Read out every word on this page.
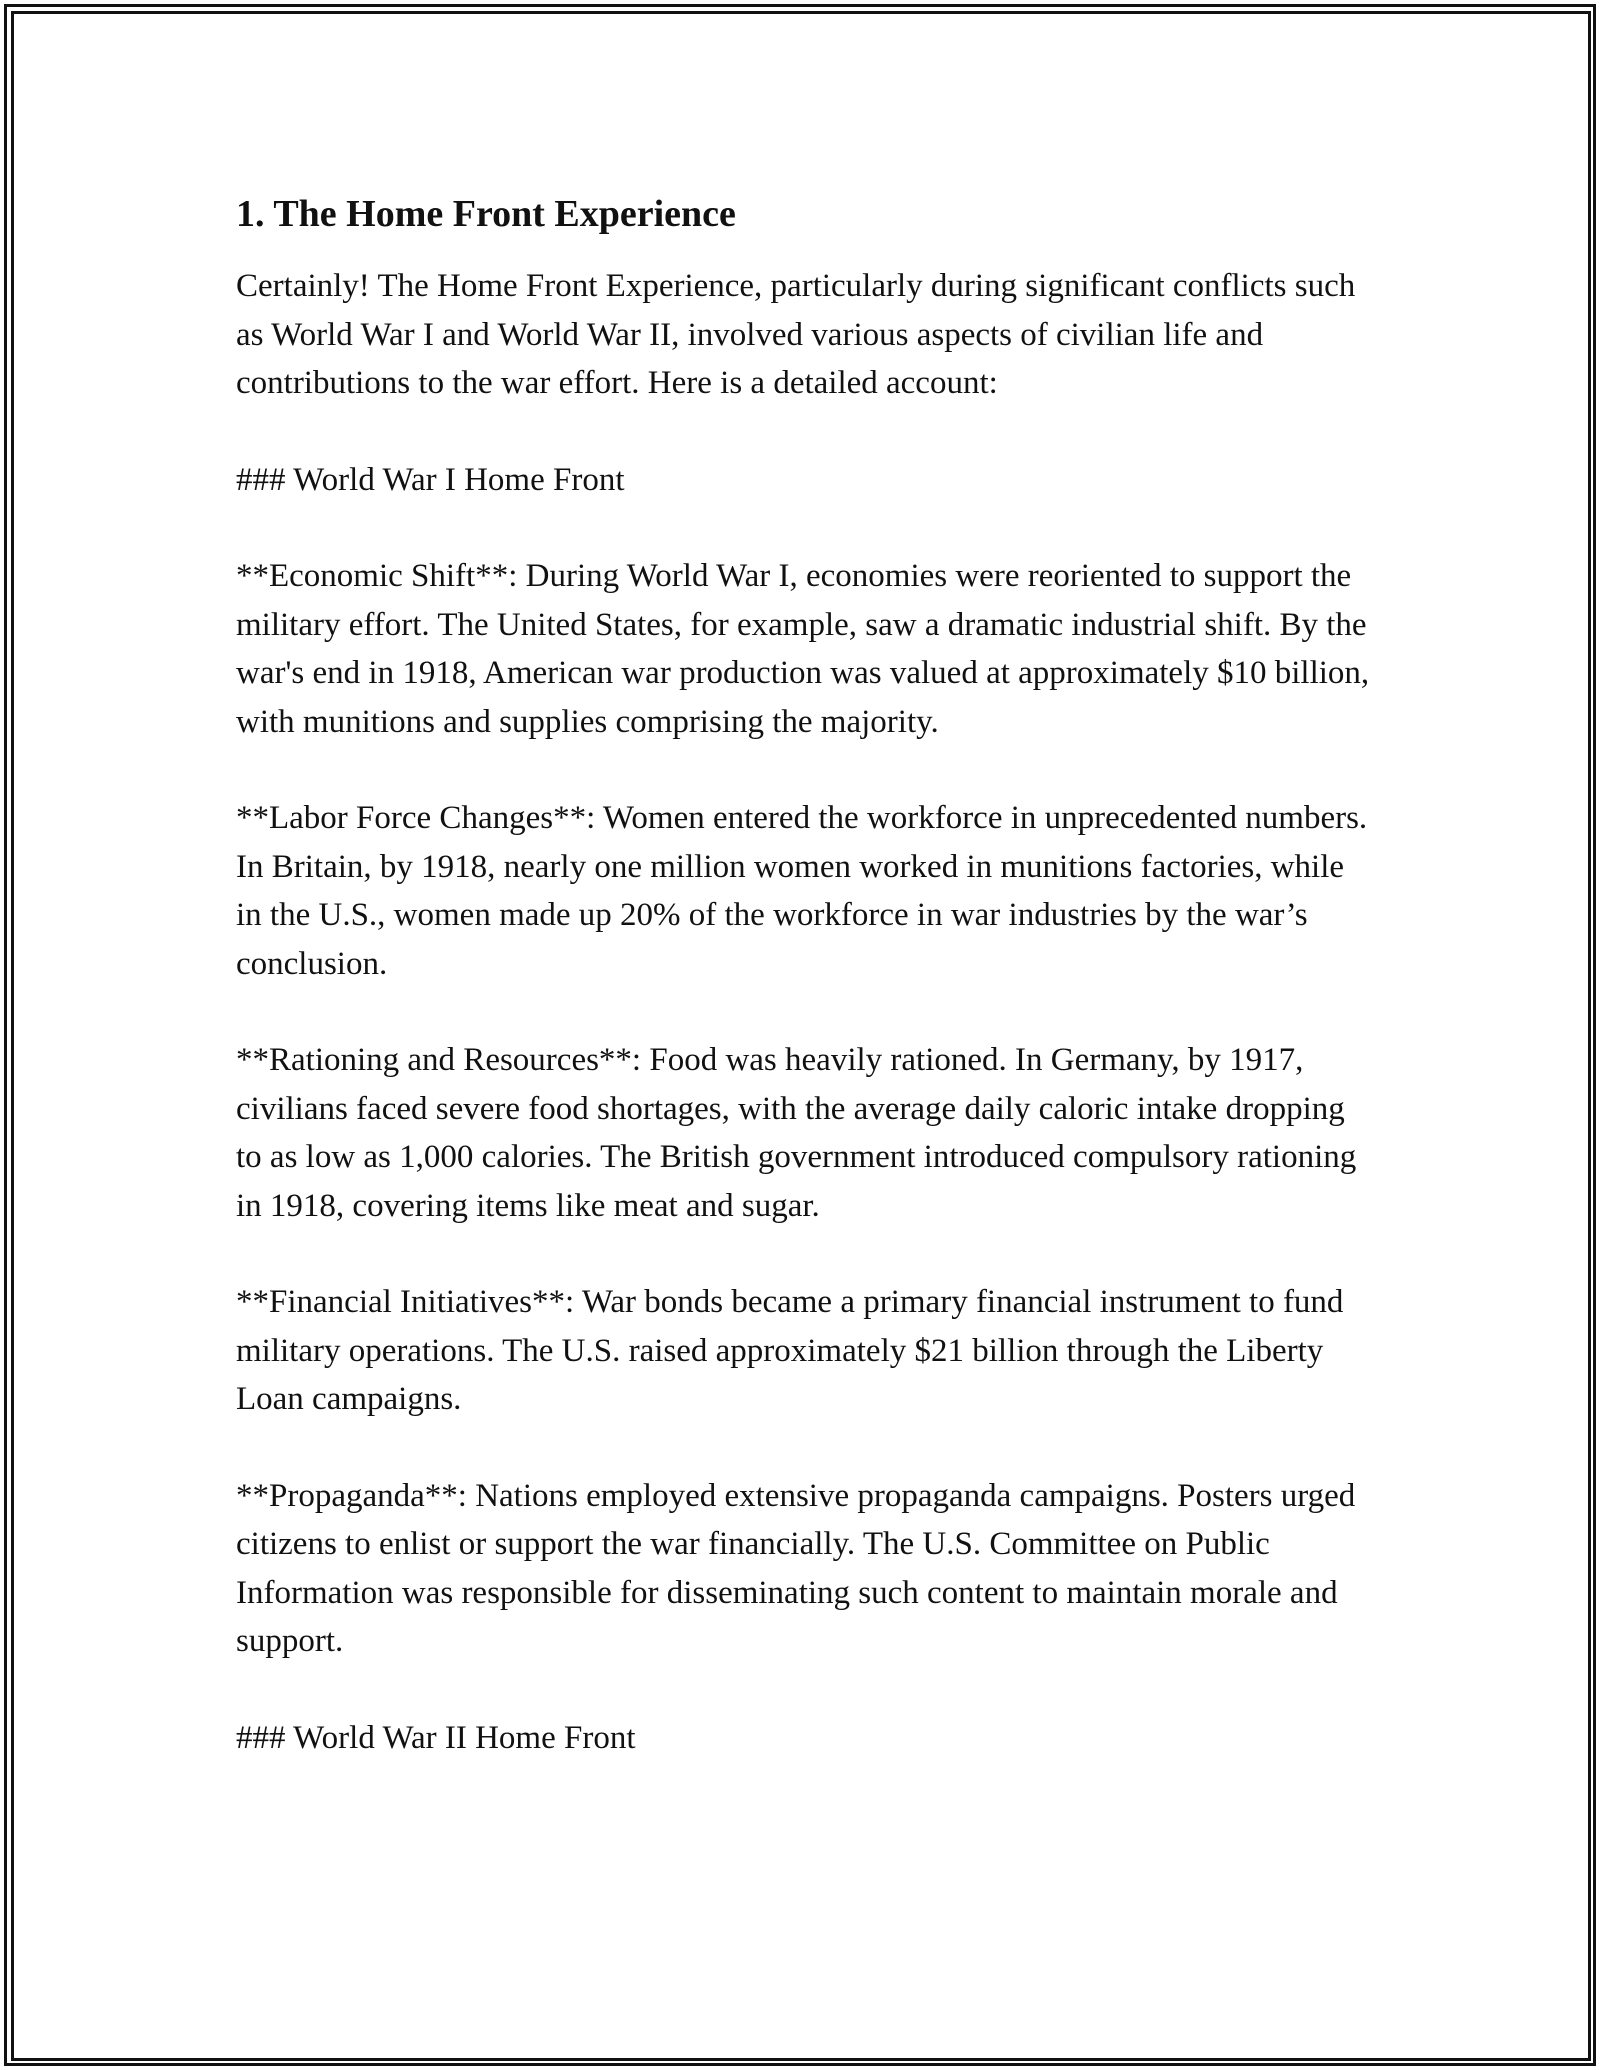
1. The Home Front Experience

Certainly! The Home Front Experience, particularly during significant conflicts such as World War I and World War II, involved various aspects of civilian life and contributions to the war effort. Here is a detailed account:

### World War I Home Front

**Economic Shift**: During World War I, economies were reoriented to support the military effort. The United States, for example, saw a dramatic industrial shift. By the war's end in 1918, American war production was valued at approximately $10 billion, with munitions and supplies comprising the majority.

**Labor Force Changes**: Women entered the workforce in unprecedented numbers. In Britain, by 1918, nearly one million women worked in munitions factories, while in the U.S., women made up 20% of the workforce in war industries by the war’s conclusion.

**Rationing and Resources**: Food was heavily rationed. In Germany, by 1917, civilians faced severe food shortages, with the average daily caloric intake dropping to as low as 1,000 calories. The British government introduced compulsory rationing in 1918, covering items like meat and sugar.

**Financial Initiatives**: War bonds became a primary financial instrument to fund military operations. The U.S. raised approximately $21 billion through the Liberty Loan campaigns.

**Propaganda**: Nations employed extensive propaganda campaigns. Posters urged citizens to enlist or support the war financially. The U.S. Committee on Public Information was responsible for disseminating such content to maintain morale and support.

### World War II Home Front
